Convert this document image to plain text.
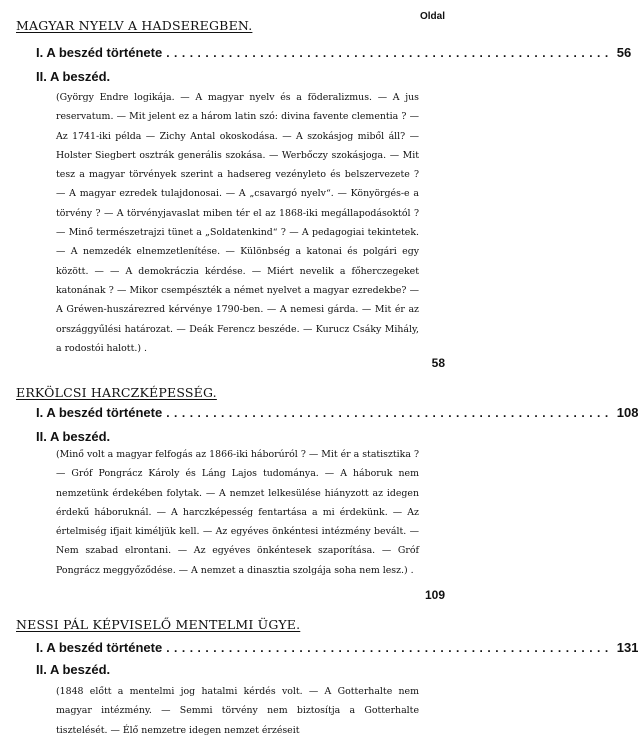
Oldal
MAGYAR NYELV A HADSEREGBEN.
I. A beszéd története ......................................................... 56
II. A beszéd.
(György Endre logikája. — A magyar nyelv és a föderalizmus. — A jus reservatum. — Mit jelent ez a három latin szó: divina favente clementia ? — Az 1741-iki példa — Zichy Antal okoskodása. — A szokásjog miből áll? — Holster Siegbert osztrák generális szokása. — Werbőczy szokásjoga. — Mit tesz a magyar törvények szerint a hadsereg vezényleto és belszervezete ? — A magyar ezredek tulajdonosai. — A „csavargó nyelv“. — Könyörgés-e a törvény ? — A törvényjavaslat miben tér el az 1868-iki megállapodásoktól ? — Minő természetrajzi tünet a „Soldatenkind“ ? — A pedagogiai tekintetek. — A nemzedék elnemzetlenítése. — Különbség a katonai és polgári egy között. — — A demokráczia kérdése. — Miért nevelik a főherczegeket katonának ? — Mikor csempészték a német nyelvet a magyar ezredekbe? — A Gréwen-huszárezred kérvénye 1790-ben. — A nemesi gárda. — Mit ér az országgyűlési határozat. — Deák Ferencz beszéde. — Kurucz Csáky Mihály, a rodostói halott.) .
58
ERKÖLCSI HARCZKÉPESSÉG.
I. A beszéd története ......................................................... 108
II. A beszéd.
(Minő volt a magyar felfogás az 1866-iki háborúról ? — Mit ér a statisztika ? — Gróf Pongrácz Károly és Láng Lajos tudománya. — A háboruk nem nemzetünk érdekében folytak. — A nemzet lelkesülése hiányzott az idegen érdekű háboruknál. — A harczképesség fentartása a mi érdekünk. — Az értelmiség ifjait kiméljük kell. — Az egyéves önkéntesi intézmény bevált. — Nem szabad elrontani. — Az egyéves önkéntesek szaporítása. — Gróf Pongrácz meggyőződése. — A nemzet a dinasztia szolgája soha nem lesz.) .
109
NESSI PÁL KÉPVISELŐ MENTELMI ÜGYE.
I. A beszéd története ......................................................... 131
II. A beszéd.
(1848 előtt a mentelmi jog hatalmi kérdés volt. — A Gotterhalte nem magyar intézmény. — Semmi törvény nem biztosítja a Gotterhalte tisztelését. — Élő nemzetre idegen nemzet érzéseit
